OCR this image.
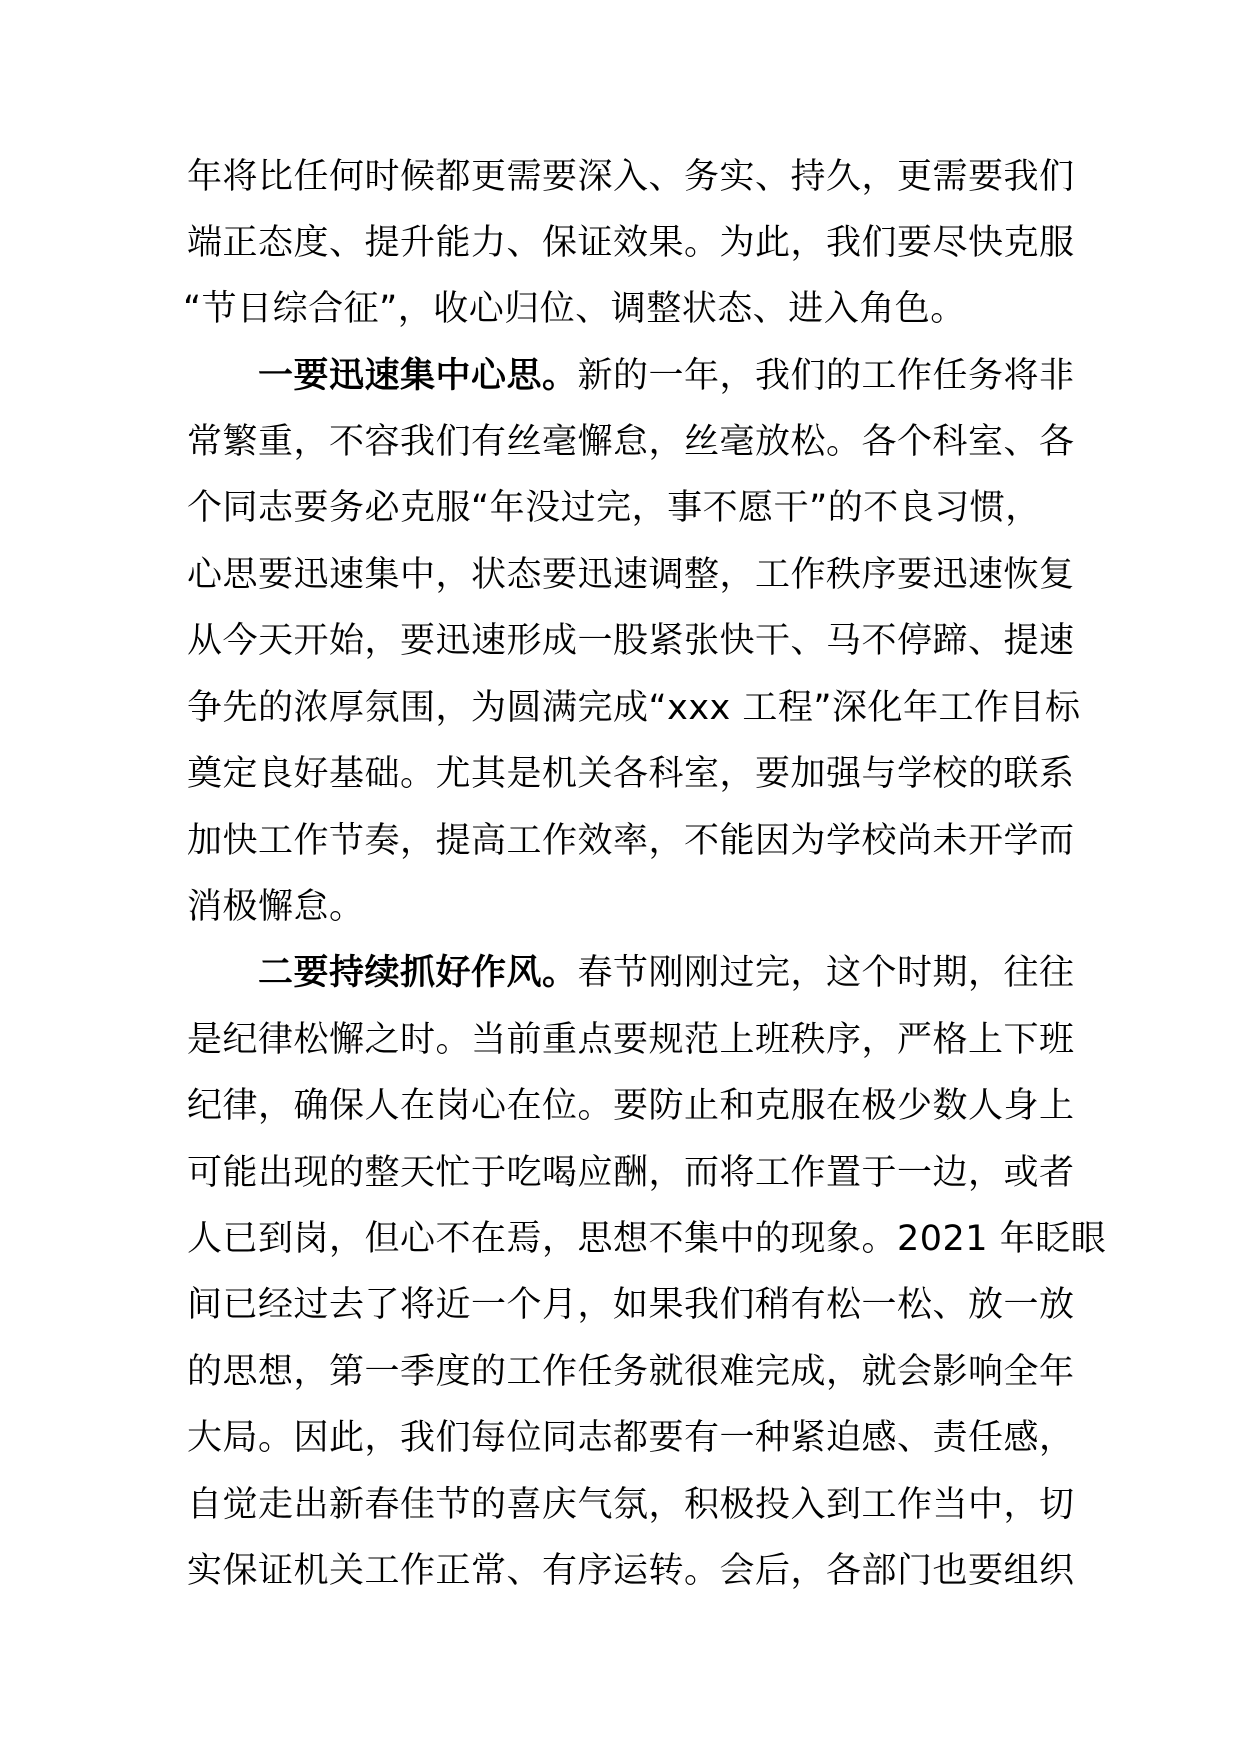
年将比任何时候都更需要深入、务实、持久，更需要我们
端正态度、提升能力、保证效果。为此，我们要尽快克服
“节日综合征”，收心归位、调整状态、进入角色。
一要迅速集中心思。新的一年，我们的工作任务将非
常繁重，不容我们有丝毫懈怠，丝毫放松。各个科室、各
个同志要务必克服“年没过完，事不愿干”的不良习惯，
心思要迅速集中，状态要迅速调整，工作秩序要迅速恢复
从今天开始，要迅速形成一股紧张快干、马不停蹄、提速
争先的浓厚氛围，为圆满完成“xxx 工程”深化年工作目标
奠定良好基础。尤其是机关各科室，要加强与学校的联系
加快工作节奏，提高工作效率，不能因为学校尚未开学而
消极懈怠。
二要持续抓好作风。春节刚刚过完，这个时期，往往
是纪律松懈之时。当前重点要规范上班秩序，严格上下班
纪律，确保人在岗心在位。要防止和克服在极少数人身上
可能出现的整天忙于吃喝应酬，而将工作置于一边，或者
人已到岗，但心不在焉，思想不集中的现象。2021 年眨眼
间已经过去了将近一个月，如果我们稍有松一松、放一放
的思想，第一季度的工作任务就很难完成，就会影响全年
大局。因此，我们每位同志都要有一种紧迫感、责任感，
自觉走出新春佳节的喜庆气氛，积极投入到工作当中，切
实保证机关工作正常、有序运转。会后，各部门也要组织
